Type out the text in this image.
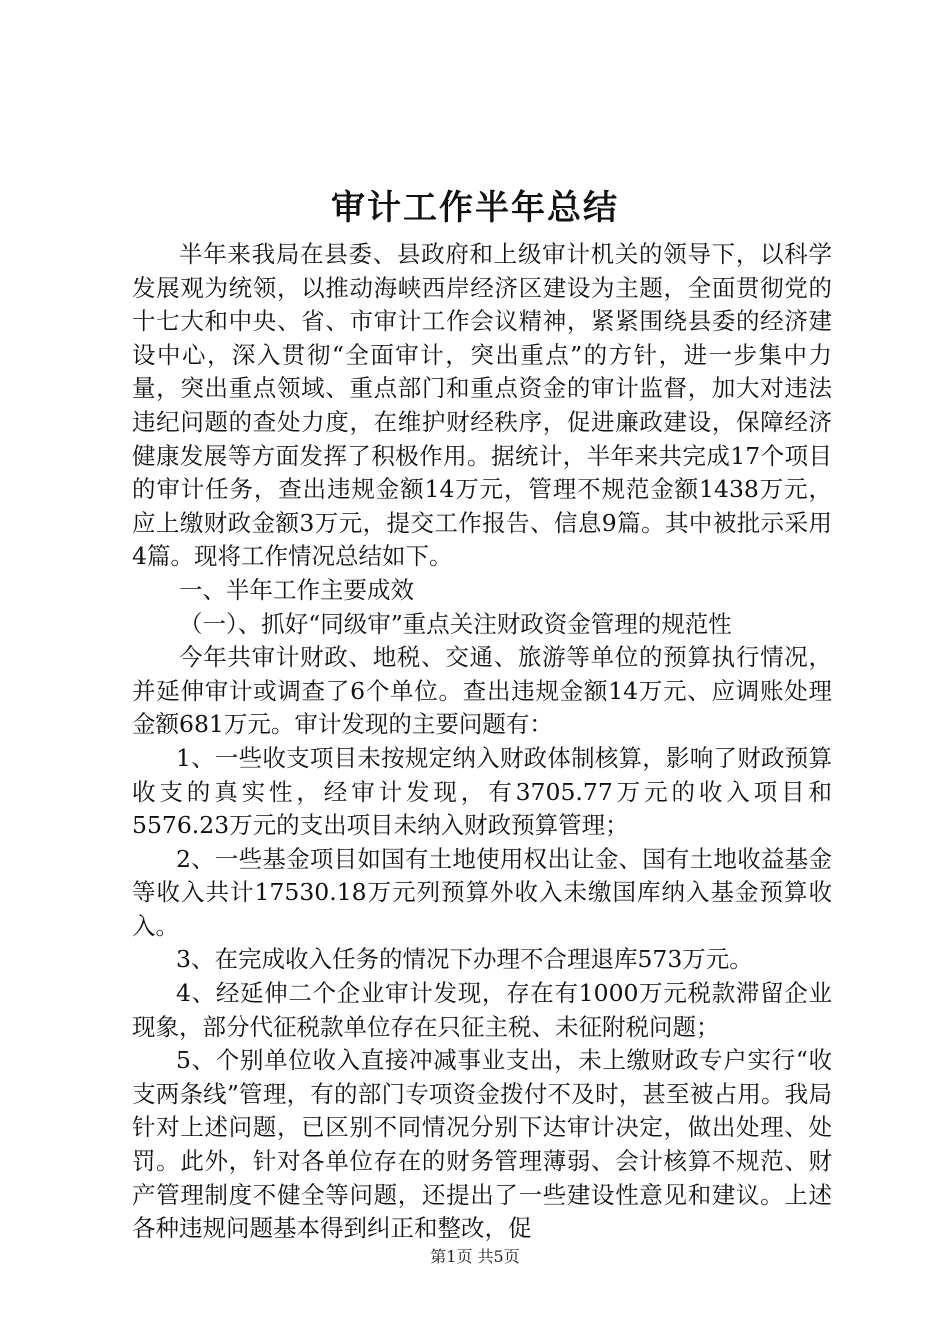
审计工作半年总结

半年来我局在县委、县政府和上级审计机关的领导下，以科学发展观为统领，以推动海峡西岸经济区建设为主题，全面贯彻党的十七大和中央、省、市审计工作会议精神，紧紧围绕县委的经济建设中心，深入贯彻“全面审计，突出重点”的方针，进一步集中力量，突出重点领域、重点部门和重点资金的审计监督，加大对违法违纪问题的查处力度，在维护财经秩序，促进廉政建设，保障经济健康发展等方面发挥了积极作用。据统计，半年来共完成17个项目的审计任务，查出违规金额14万元，管理不规范金额1438万元，应上缴财政金额3万元，提交工作报告、信息9篇。其中被批示采用4篇。现将工作情况总结如下。

一、半年工作主要成效

（一）、抓好“同级审”重点关注财政资金管理的规范性

今年共审计财政、地税、交通、旅游等单位的预算执行情况，并延伸审计或调查了6个单位。查出违规金额14万元、应调账处理金额681万元。审计发现的主要问题有：

1、一些收支项目未按规定纳入财政体制核算，影响了财政预算收支的真实性，经审计发现，有3705.77万元的收入项目和5576.23万元的支出项目未纳入财政预算管理；

2、一些基金项目如国有土地使用权出让金、国有土地收益基金等收入共计17530.18万元列预算外收入未缴国库纳入基金预算收入。

3、在完成收入任务的情况下办理不合理退库573万元。

4、经延伸二个企业审计发现，存在有1000万元税款滞留企业现象，部分代征税款单位存在只征主税、未征附税问题；

5、个别单位收入直接冲减事业支出，未上缴财政专户实行“收支两条线”管理，有的部门专项资金拨付不及时，甚至被占用。我局针对上述问题，已区别不同情况分别下达审计决定，做出处理、处罚。此外，针对各单位存在的财务管理薄弱、会计核算不规范、财产管理制度不健全等问题，还提出了一些建设性意见和建议。上述各种违规问题基本得到纠正和整改，促

第1页 共5页
